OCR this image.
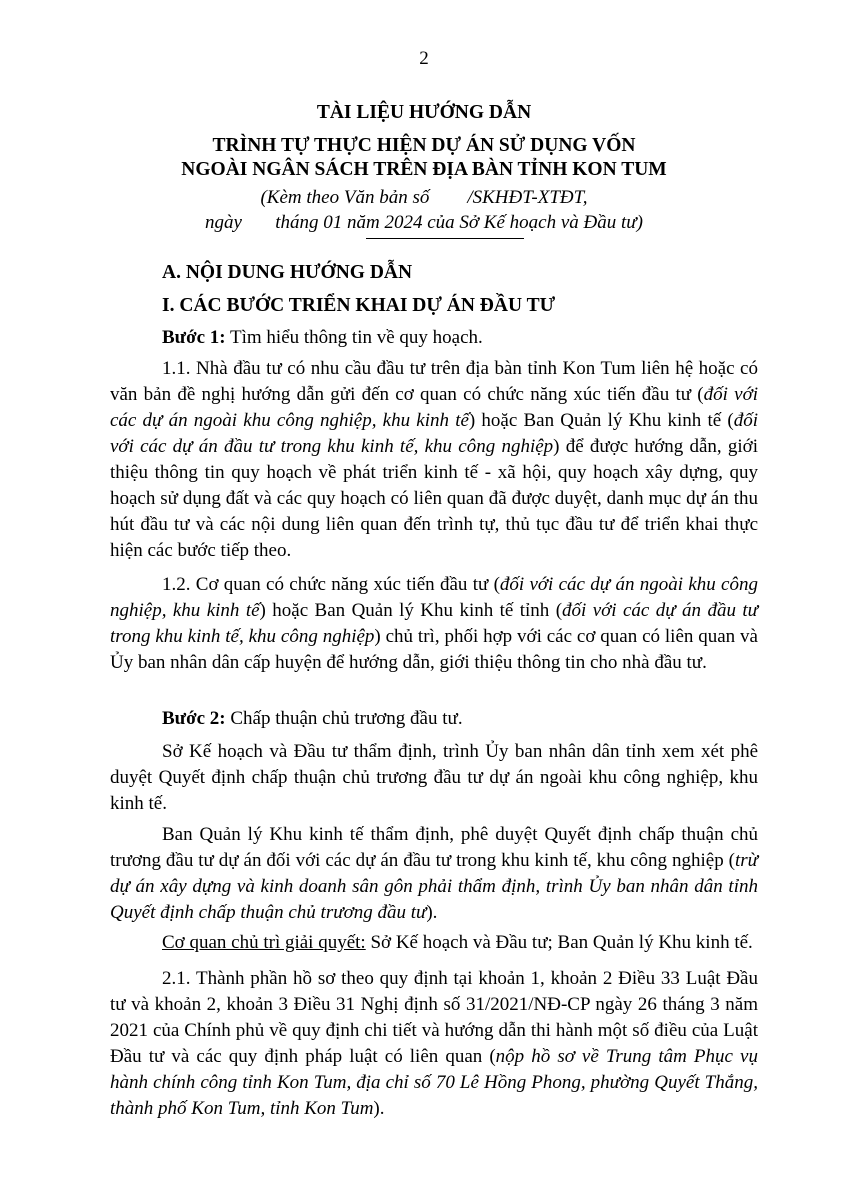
2
TÀI LIỆU HƯỚNG DẪN
TRÌNH TỰ THỰC HIỆN DỰ ÁN SỬ DỤNG VỐN
NGOÀI NGÂN SÁCH TRÊN ĐỊA BÀN TỈNH KON TUM
(Kèm theo Văn bản số        /SKHĐT-XTĐT,
ngày       tháng 01 năm 2024 của Sở Kế hoạch và Đầu tư)
A. NỘI DUNG HƯỚNG DẪN
I. CÁC BƯỚC TRIỂN KHAI DỰ ÁN ĐẦU TƯ

Bước 1: Tìm hiểu thông tin về quy hoạch.

1.1. Nhà đầu tư có nhu cầu đầu tư trên địa bàn tỉnh Kon Tum liên hệ hoặc có văn bản đề nghị hướng dẫn gửi đến cơ quan có chức năng xúc tiến đầu tư (đối với các dự án ngoài khu công nghiệp, khu kinh tế) hoặc Ban Quản lý Khu kinh tế (đối với các dự án đầu tư trong khu kinh tế, khu công nghiệp) để được hướng dẫn, giới thiệu thông tin quy hoạch về phát triển kinh tế - xã hội, quy hoạch xây dựng, quy hoạch sử dụng đất và các quy hoạch có liên quan đã được duyệt, danh mục dự án thu hút đầu tư và các nội dung liên quan đến trình tự, thủ tục đầu tư để triển khai thực hiện các bước tiếp theo.

1.2. Cơ quan có chức năng xúc tiến đầu tư (đối với các dự án ngoài khu công nghiệp, khu kinh tế) hoặc Ban Quản lý Khu kinh tế tỉnh (đối với các dự án đầu tư trong khu kinh tế, khu công nghiệp) chủ trì, phối hợp với các cơ quan có liên quan và Ủy ban nhân dân cấp huyện để hướng dẫn, giới thiệu thông tin cho nhà đầu tư.

Bước 2: Chấp thuận chủ trương đầu tư.

Sở Kế hoạch và Đầu tư thẩm định, trình Ủy ban nhân dân tỉnh xem xét phê duyệt Quyết định chấp thuận chủ trương đầu tư dự án ngoài khu công nghiệp, khu kinh tế.

Ban Quản lý Khu kinh tế thẩm định, phê duyệt Quyết định chấp thuận chủ trương đầu tư dự án đối với các dự án đầu tư trong khu kinh tế, khu công nghiệp (trừ dự án xây dựng và kinh doanh sân gôn phải thẩm định, trình Ủy ban nhân dân tỉnh Quyết định chấp thuận chủ trương đầu tư).

Cơ quan chủ trì giải quyết: Sở Kế hoạch và Đầu tư; Ban Quản lý Khu kinh tế.

2.1. Thành phần hồ sơ theo quy định tại khoản 1, khoản 2 Điều 33 Luật Đầu tư và khoản 2, khoản 3 Điều 31 Nghị định số 31/2021/NĐ-CP ngày 26 tháng 3 năm 2021 của Chính phủ về quy định chi tiết và hướng dẫn thi hành một số điều của Luật Đầu tư và các quy định pháp luật có liên quan (nộp hồ sơ về Trung tâm Phục vụ hành chính công tỉnh Kon Tum, địa chỉ số 70 Lê Hồng Phong, phường Quyết Thắng, thành phố Kon Tum, tỉnh Kon Tum).
